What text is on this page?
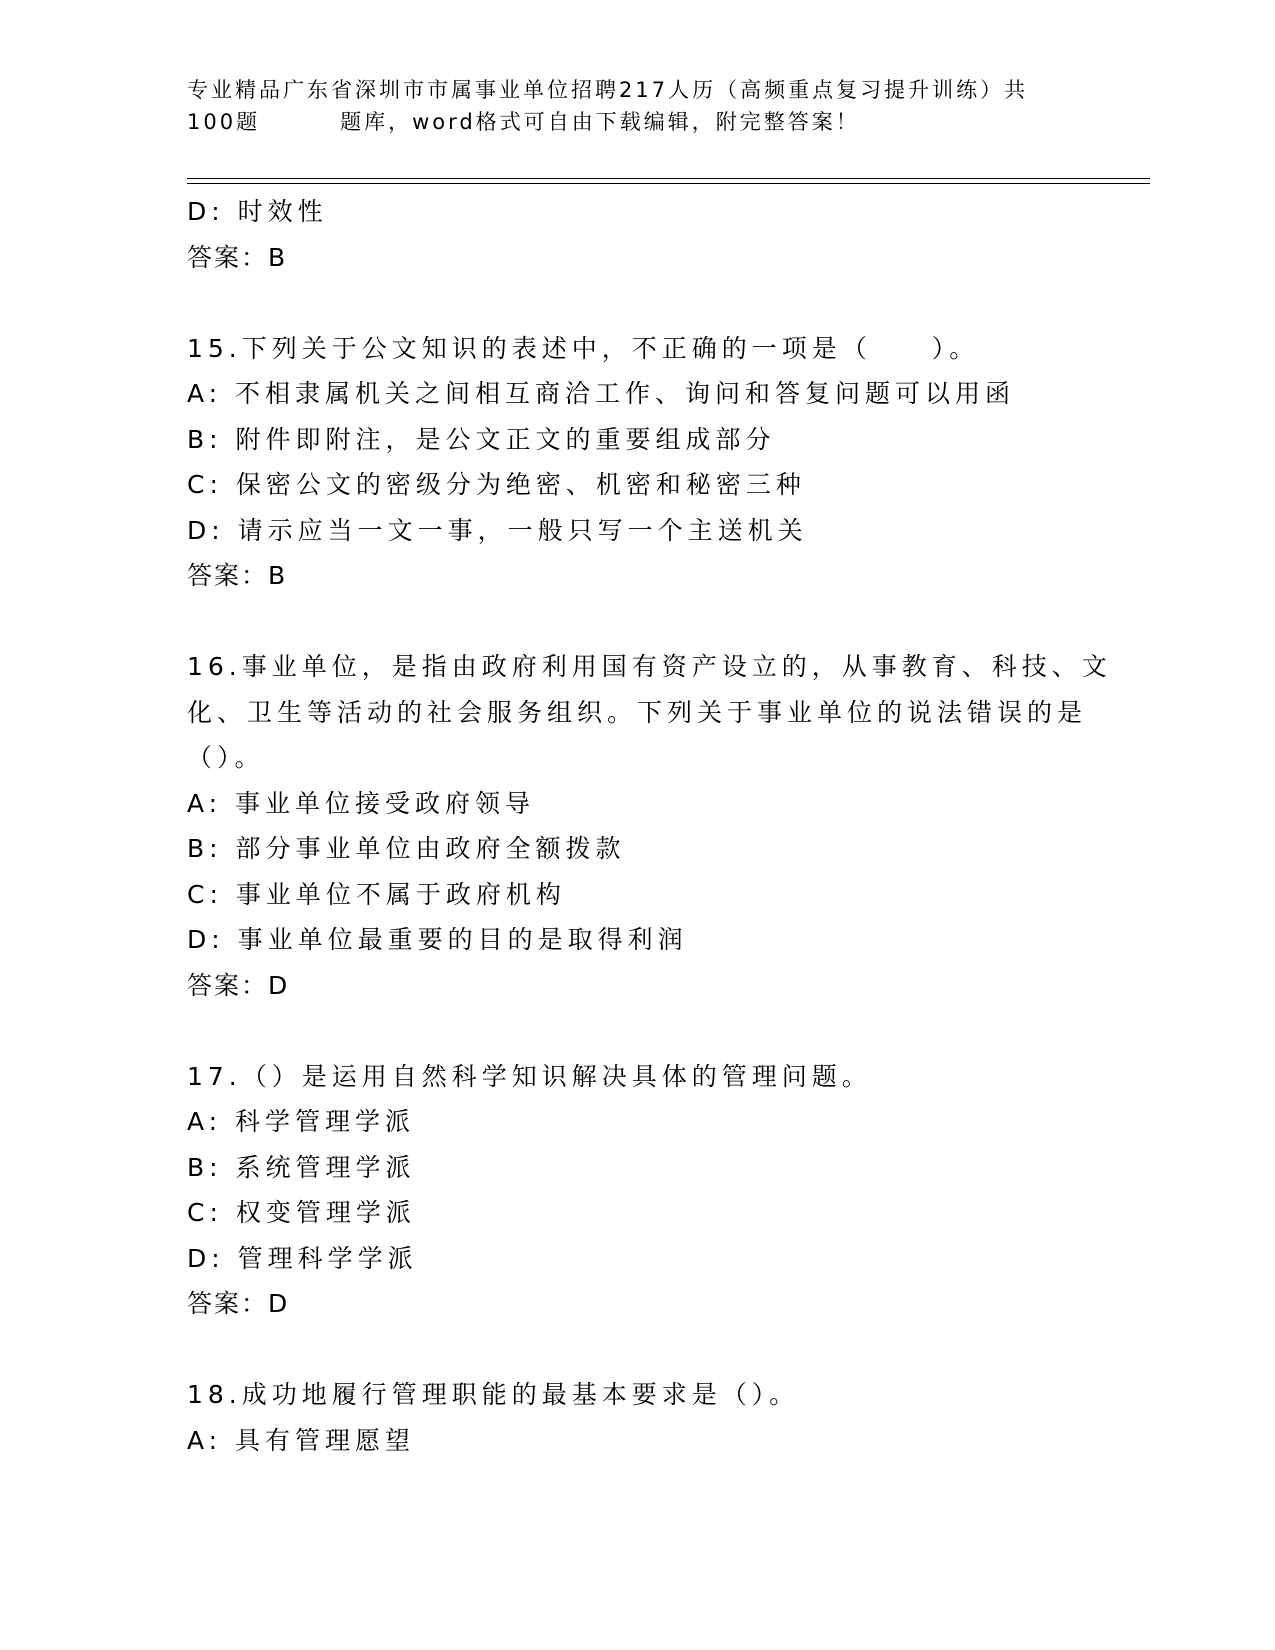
专业精品广东省深圳市市属事业单位招聘217人历（高频重点复习提升训练）共
100题	题库，word格式可自由下载编辑，附完整答案！
D: 时效性
答案：B
15.下列关于公文知识的表述中，不正确的一项是（　　）。
A: 不相隶属机关之间相互商洽工作、询问和答复问题可以用函
B: 附件即附注，是公文正文的重要组成部分
C: 保密公文的密级分为绝密、机密和秘密三种
D: 请示应当一文一事，一般只写一个主送机关
答案：B
16.事业单位，是指由政府利用国有资产设立的，从事教育、科技、文
化、卫生等活动的社会服务组织。下列关于事业单位的说法错误的是
（）。
A: 事业单位接受政府领导
B: 部分事业单位由政府全额拨款
C: 事业单位不属于政府机构
D: 事业单位最重要的目的是取得利润
答案：D
17.（）是运用自然科学知识解决具体的管理问题。
A: 科学管理学派
B: 系统管理学派
C: 权变管理学派
D: 管理科学学派
答案：D
18.成功地履行管理职能的最基本要求是（）。
A: 具有管理愿望
